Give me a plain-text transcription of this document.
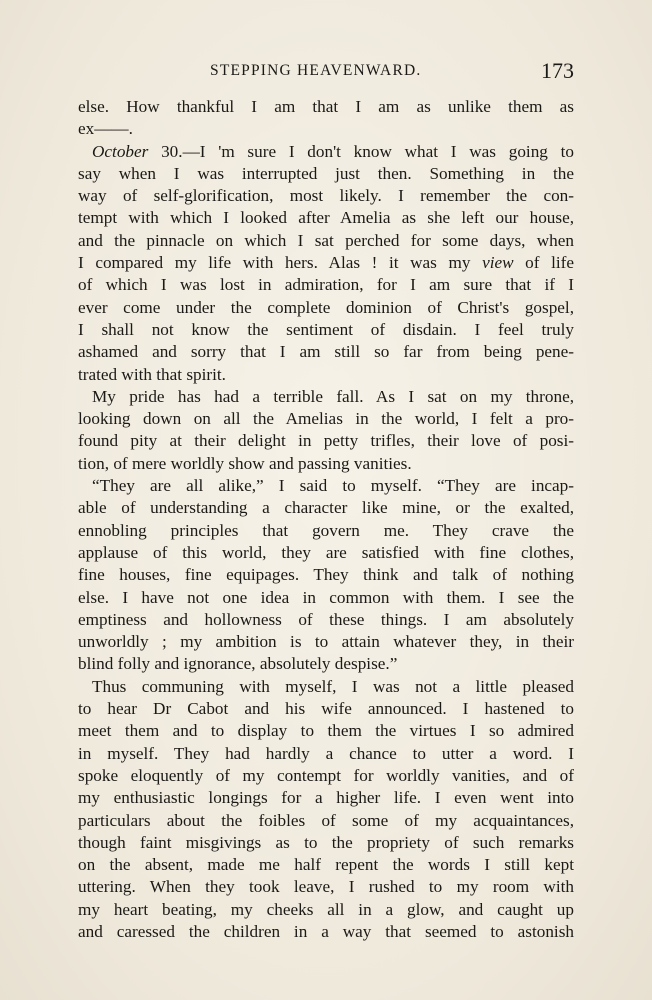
STEPPING HEAVENWARD.	173
else. How thankful I am that I am as unlike them as
ex——.
October 30.—I 'm sure I don't know what I was going to
say when I was interrupted just then. Something in the
way of self-glorification, most likely. I remember the con-
tempt with which I looked after Amelia as she left our house,
and the pinnacle on which I sat perched for some days, when
I compared my life with hers. Alas ! it was my view of life
of which I was lost in admiration, for I am sure that if I
ever come under the complete dominion of Christ's gospel,
I shall not know the sentiment of disdain. I feel truly
ashamed and sorry that I am still so far from being pene-
trated with that spirit.
My pride has had a terrible fall. As I sat on my throne,
looking down on all the Amelias in the world, I felt a pro-
found pity at their delight in petty trifles, their love of posi-
tion, of mere worldly show and passing vanities.
“They are all alike,” I said to myself. “They are incap-
able of understanding a character like mine, or the exalted,
ennobling principles that govern me. They crave the
applause of this world, they are satisfied with fine clothes,
fine houses, fine equipages. They think and talk of nothing
else. I have not one idea in common with them. I see the
emptiness and hollowness of these things. I am absolutely
unworldly ; my ambition is to attain whatever they, in their
blind folly and ignorance, absolutely despise.”
Thus communing with myself, I was not a little pleased
to hear Dr Cabot and his wife announced. I hastened to
meet them and to display to them the virtues I so admired
in myself. They had hardly a chance to utter a word. I
spoke eloquently of my contempt for worldly vanities, and of
my enthusiastic longings for a higher life. I even went into
particulars about the foibles of some of my acquaintances,
though faint misgivings as to the propriety of such remarks
on the absent, made me half repent the words I still kept
uttering. When they took leave, I rushed to my room with
my heart beating, my cheeks all in a glow, and caught up
and caressed the children in a way that seemed to astonish
